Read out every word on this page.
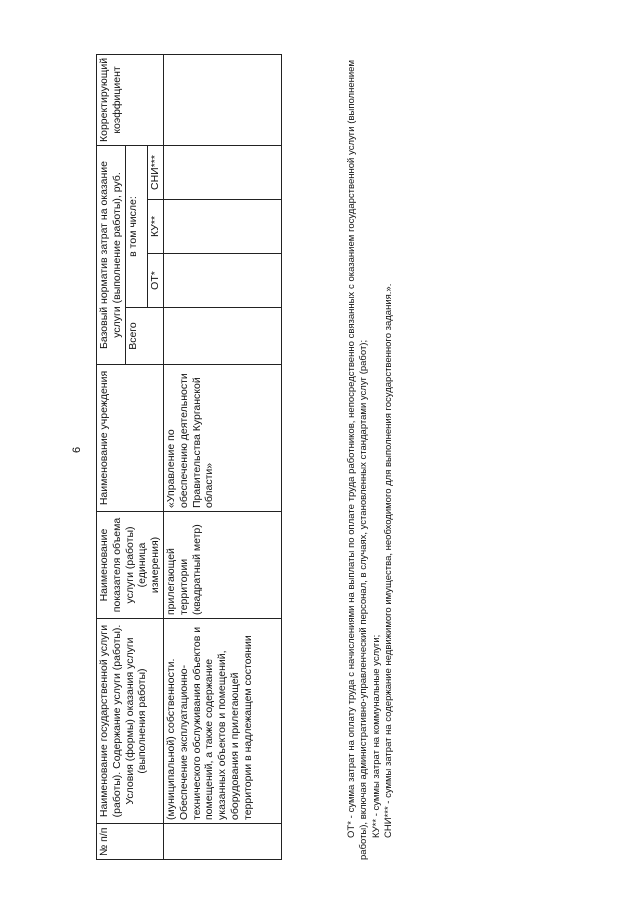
6
№ п/п	Наименование государственной услуги (работы). Содержание услуги (работы). Условия (формы) оказания услуги (выполнения работы)	Наименование показателя объема услуги (работы) (единица измерения)	Наименование учреждения	Базовый норматив затрат на оказание услуги (выполнение работы), руб.				Корректирующий коэффициент
				Всего	в том числе:			
					ОТ*	КУ**	СНИ***	
	(муниципальной) собственности. Обеспечение эксплуатационно-технического обслуживания объектов и помещений, а также содержание указанных объектов и помещений, оборудования и прилегающей территории в надлежащем состоянии	прилегающей территории (квадратный метр)	«Управление по обеспечению деятельности Правительства Курганской области»						ОТ* - сумма затрат на оплату труда с начислениями на выплаты по оплате труда работников, непосредственно связанных с оказанием государственной услуги (выполнением работы), включая административно-управленческий персонал, в случаях, установленных стандартами услуг (работ); КУ** - суммы затрат на коммунальные услуги; СНИ*** - суммы затрат на содержание недвижимого имущества, необходимого для выполнения государственного задания.».
